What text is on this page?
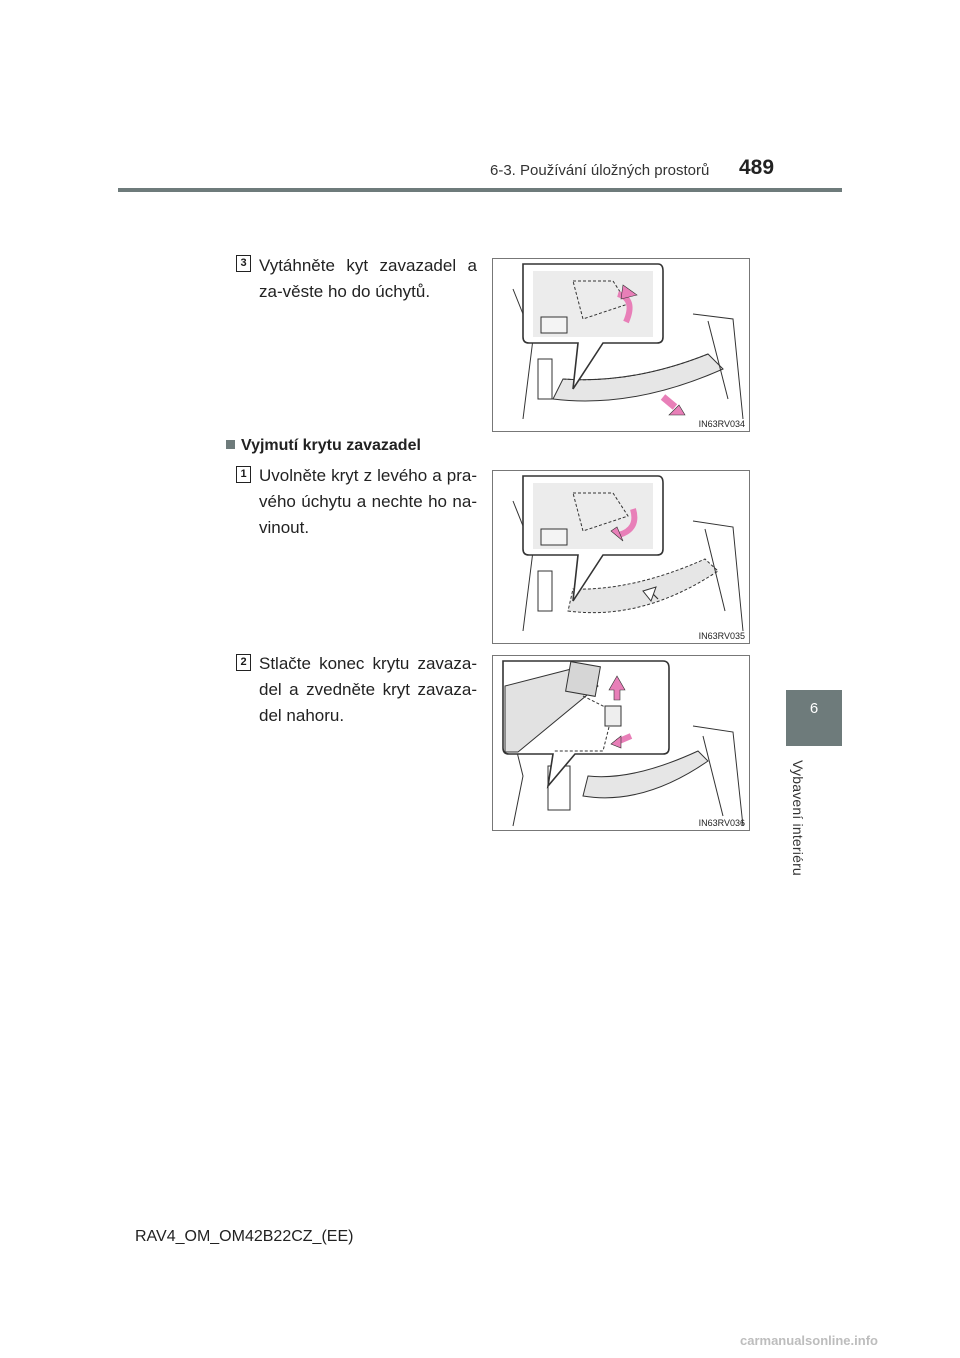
6-3. Používání úložných prostorů 489
6
Vybavení interiéru
3 Vytáhněte kyt zavazadel a za-věste ho do úchytů.
IN63RV034
Vyjmutí krytu zavazadel
1 Uvolněte kryt z levého a pra-vého úchytu a nechte ho na-vinout.
IN63RV035
2 Stlačte konec krytu zavaza-del a zvedněte kryt zavaza-del nahoru.
IN63RV036
RAV4_OM_OM42B22CZ_(EE)
carmanualsonline.info
